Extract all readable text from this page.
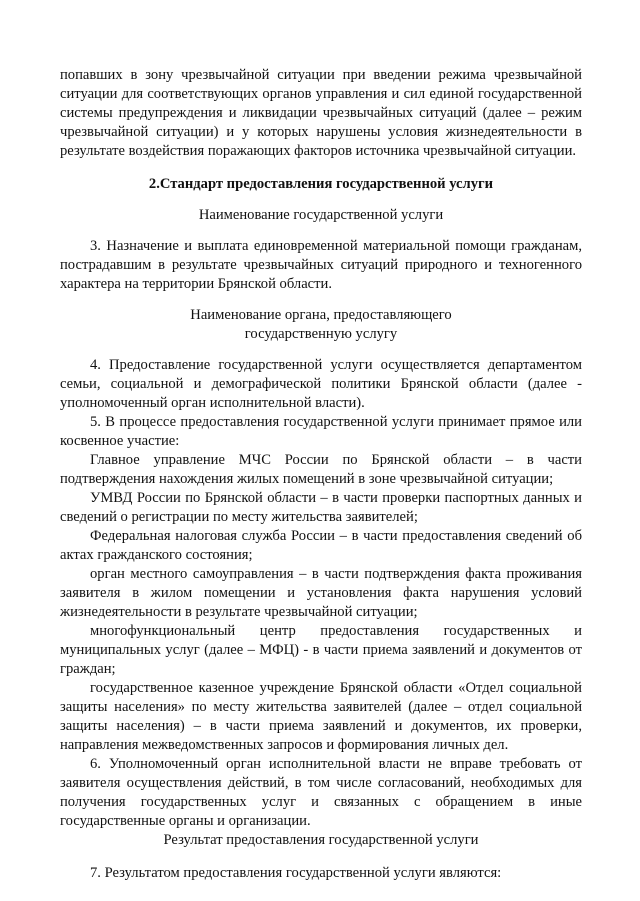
попавших в зону чрезвычайной ситуации при введении режима чрезвычайной ситуации для соответствующих органов управления и сил единой государственной системы предупреждения и ликвидации чрезвычайных ситуаций (далее – режим чрезвычайной ситуации) и у которых нарушены условия жизнедеятельности в результате воздействия поражающих факторов источника чрезвычайной ситуации.

2.Стандарт предоставления государственной услуги

Наименование государственной услуги

3. Назначение и выплата единовременной материальной помощи гражданам, пострадавшим в результате чрезвычайных ситуаций природного и техногенного характера на территории Брянской области.

Наименование органа, предоставляющего

государственную услугу

4. Предоставление государственной услуги осуществляется департаментом семьи, социальной и демографической политики Брянской области (далее - уполномоченный орган исполнительной власти).

5. В процессе предоставления государственной услуги принимает прямое или косвенное участие:

Главное управление МЧС России по Брянской области – в части подтверждения нахождения жилых помещений в зоне чрезвычайной ситуации;

УМВД России по Брянской области – в части проверки паспортных данных и сведений о регистрации по месту жительства заявителей;

Федеральная налоговая служба России – в части предоставления сведений об актах гражданского состояния;

орган местного самоуправления – в части подтверждения факта проживания заявителя в жилом помещении и установления факта нарушения условий жизнедеятельности в результате чрезвычайной ситуации;

многофункциональный центр предоставления государственных и муниципальных услуг (далее – МФЦ) - в части приема заявлений и документов от граждан;

государственное казенное учреждение Брянской области «Отдел социальной защиты населения» по месту жительства заявителей (далее – отдел социальной защиты населения) – в части приема заявлений и документов, их проверки, направления межведомственных запросов и формирования личных дел.

6. Уполномоченный орган исполнительной власти не вправе требовать от заявителя осуществления действий, в том числе согласований, необходимых для получения государственных услуг и связанных с обращением в иные государственные органы и организации.

Результат предоставления государственной услуги

7. Результатом предоставления государственной услуги являются:
